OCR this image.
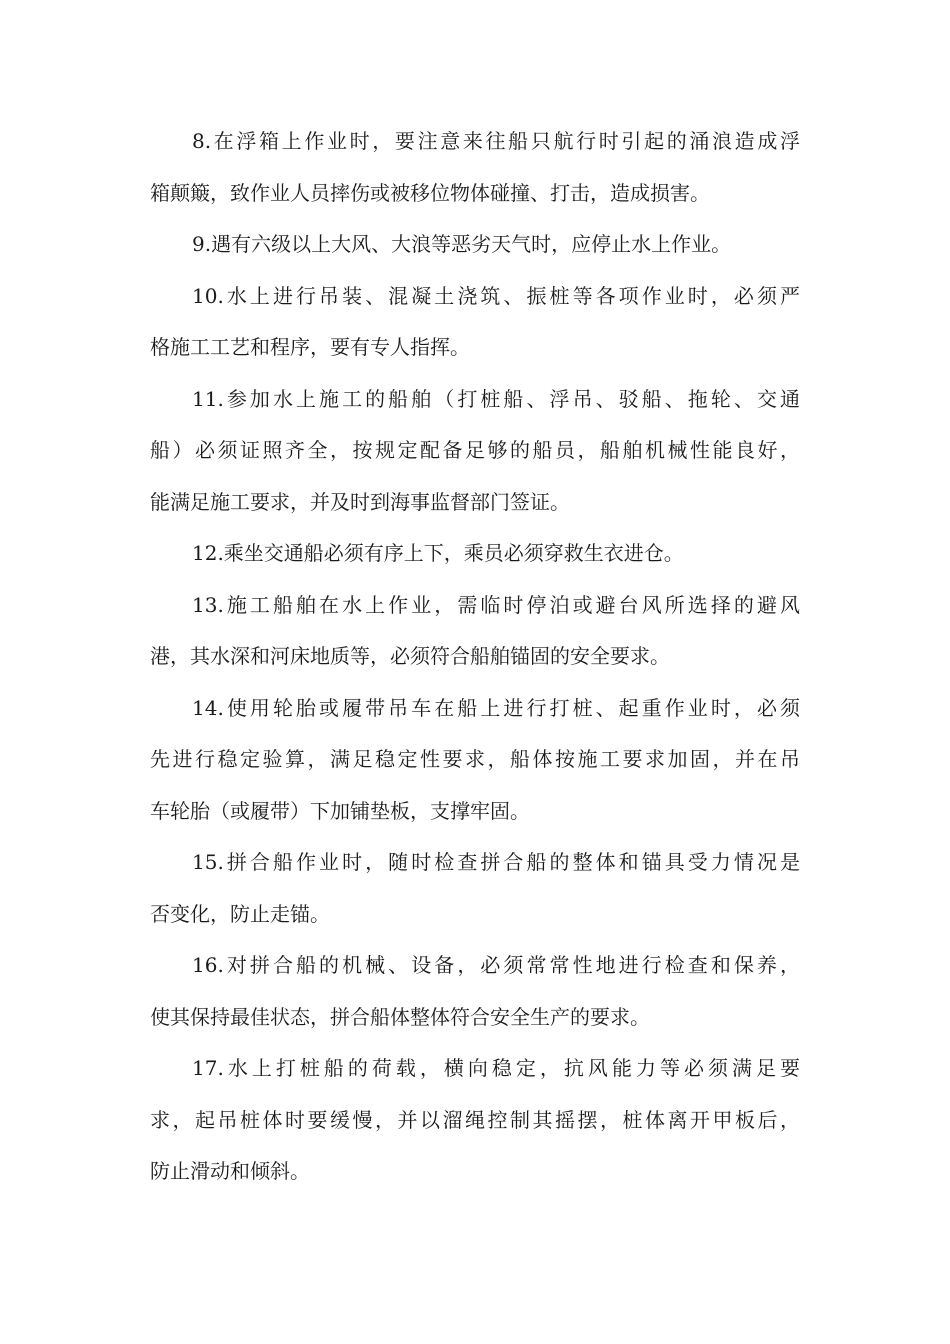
8.在浮箱上作业时，要注意来往船只航行时引起的涌浪造成浮
箱颠簸，致作业人员摔伤或被移位物体碰撞、打击，造成损害。
9.遇有六级以上大风、大浪等恶劣天气时，应停止水上作业。
10.水上进行吊装、混凝土浇筑、振桩等各项作业时，必须严
格施工工艺和程序，要有专人指挥。
11.参加水上施工的船舶（打桩船、浮吊、驳船、拖轮、交通
船）必须证照齐全，按规定配备足够的船员，船舶机械性能良好，
能满足施工要求，并及时到海事监督部门签证。
12.乘坐交通船必须有序上下，乘员必须穿救生衣进仓。
13.施工船舶在水上作业，需临时停泊或避台风所选择的避风
港，其水深和河床地质等，必须符合船舶锚固的安全要求。
14.使用轮胎或履带吊车在船上进行打桩、起重作业时，必须
先进行稳定验算，满足稳定性要求，船体按施工要求加固，并在吊
车轮胎（或履带）下加铺垫板，支撑牢固。
15.拼合船作业时，随时检查拼合船的整体和锚具受力情况是
否变化，防止走锚。
16.对拼合船的机械、设备，必须常常性地进行检查和保养，
使其保持最佳状态，拼合船体整体符合安全生产的要求。
17.水上打桩船的荷载，横向稳定，抗风能力等必须满足要
求，起吊桩体时要缓慢，并以溜绳控制其摇摆，桩体离开甲板后，
防止滑动和倾斜。
